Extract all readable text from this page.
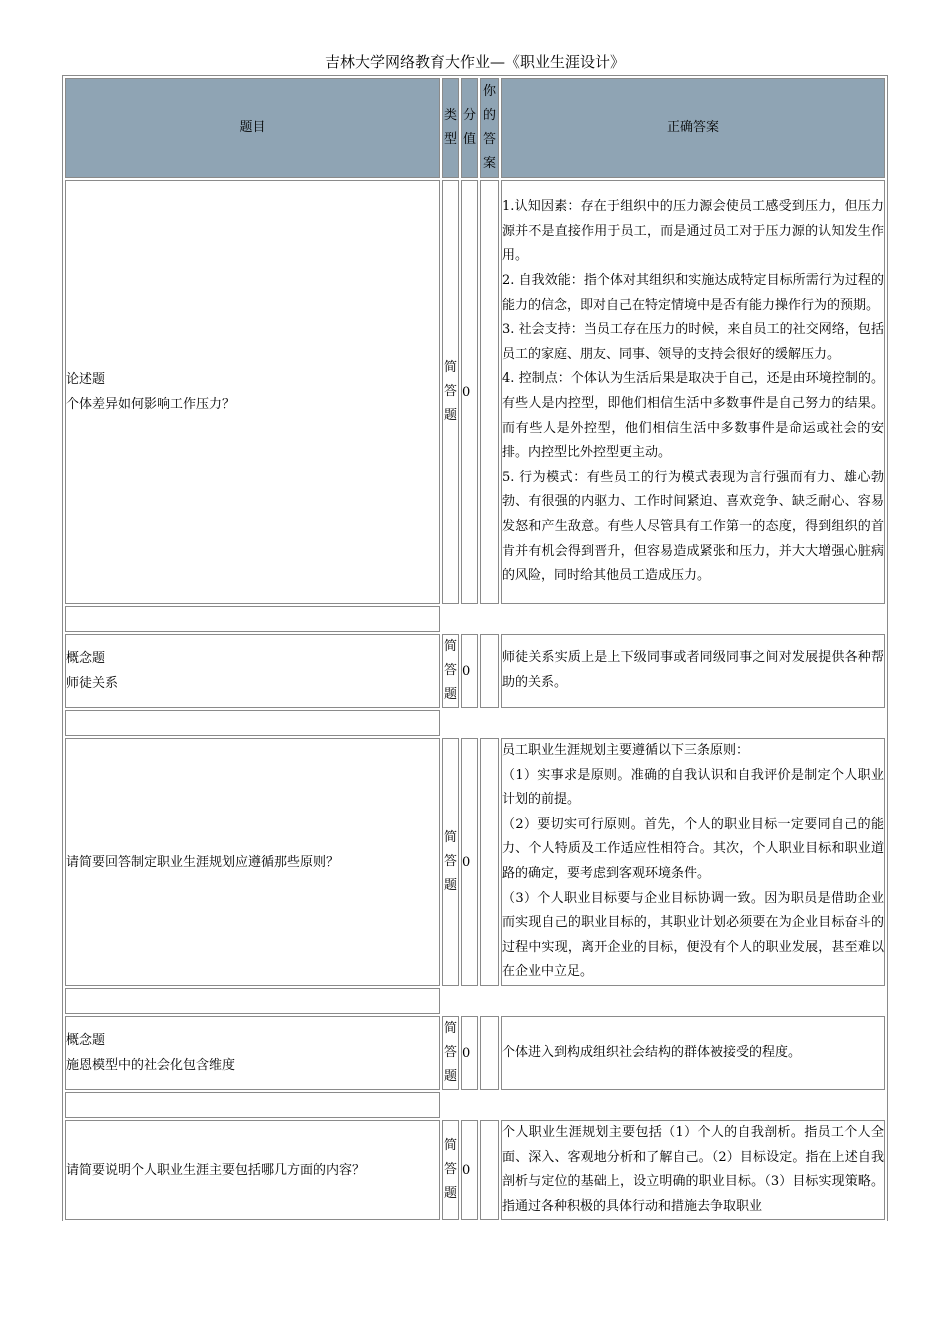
吉林大学网络教育大作业—《职业生涯设计》
题目	类型	分值	你的答案	正确答案

论述题
个体差异如何影响工作压力？	简答题	0		1.认知因素：存在于组织中的压力源会使员工感受到压力，但压力源并不是直接作用于员工，而是通过员工对于压力源的认知发生作用。
2. 自我效能：指个体对其组织和实施达成特定目标所需行为过程的能力的信念，即对自己在特定情境中是否有能力操作行为的预期。
3. 社会支持：当员工存在压力的时候，来自员工的社交网络，包括员工的家庭、朋友、同事、领导的支持会很好的缓解压力。
4. 控制点：个体认为生活后果是取决于自己，还是由环境控制的。有些人是内控型，即他们相信生活中多数事件是自己努力的结果。而有些人是外控型，他们相信生活中多数事件是命运或社会的安排。内控型比外控型更主动。
5. 行为模式：有些员工的行为模式表现为言行强而有力、雄心勃勃、有很强的内驱力、工作时间紧迫、喜欢竞争、缺乏耐心、容易发怒和产生敌意。有些人尽管具有工作第一的态度，得到组织的首肯并有机会得到晋升，但容易造成紧张和压力，并大大增强心脏病的风险，同时给其他员工造成压力。

概念题
师徒关系	简答题	0		师徒关系实质上是上下级同事或者同级同事之间对发展提供各种帮助的关系。

请简要回答制定职业生涯规划应遵循那些原则？	简答题	0		员工职业生涯规划主要遵循以下三条原则：
（1）实事求是原则。准确的自我认识和自我评价是制定个人职业计划的前提。
（2）要切实可行原则。首先，个人的职业目标一定要同自己的能力、个人特质及工作适应性相符合。其次，个人职业目标和职业道路的确定，要考虑到客观环境条件。
（3）个人职业目标要与企业目标协调一致。因为职员是借助企业而实现自己的职业目标的，其职业计划必须要在为企业目标奋斗的过程中实现，离开企业的目标，便没有个人的职业发展，甚至难以在企业中立足。

概念题
施恩模型中的社会化包含维度	简答题	0		个体进入到构成组织社会结构的群体被接受的程度。

请简要说明个人职业生涯主要包括哪几方面的内容？	简答题	0		个人职业生涯规划主要包括（1）个人的自我剖析。指员工个人全面、深入、客观地分析和了解自己。（2）目标设定。指在上述自我剖析与定位的基础上，设立明确的职业目标。（3）目标实现策略。指通过各种积极的具体行动和措施去争取职业
